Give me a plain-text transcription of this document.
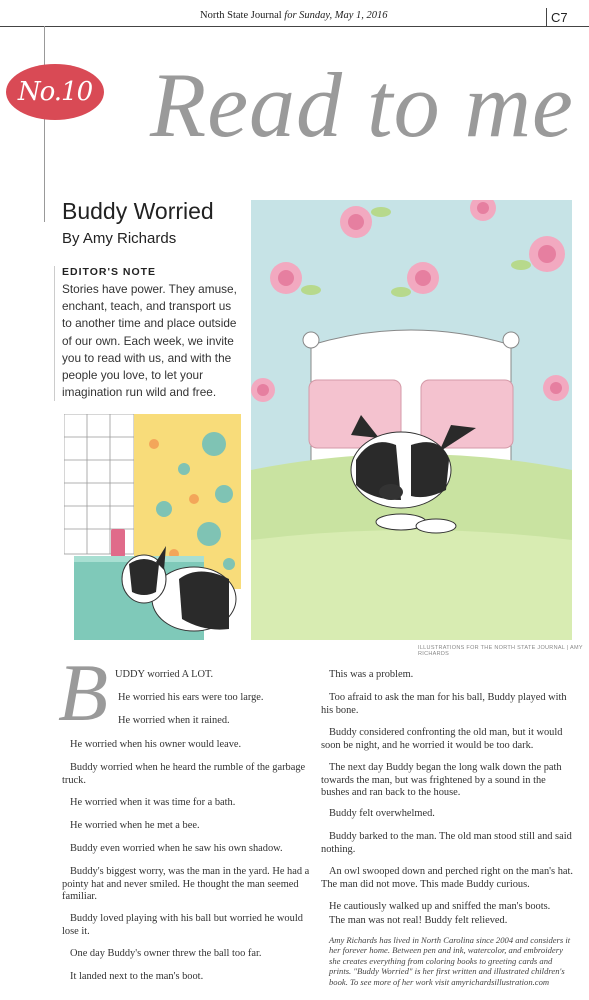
North State Journal for Sunday, May 1, 2016	C7
No.10 Read to me
Buddy Worried
By Amy Richards
EDITOR'S NOTE
Stories have power. They amuse, enchant, teach, and transport us to another time and place outside of our own. Each week, we invite you to read with us, and with the people you love, to let your imagination run wild and free.
ILLUSTRATIONS FOR THE NORTH STATE JOURNAL | AMY RICHARDS
B UDDY worried A LOT.
He worried his ears were too large.
He worried when it rained.
He worried when his owner would leave.
Buddy worried when he heard the rumble of the garbage truck.
He worried when it was time for a bath.
He worried when he met a bee.
Buddy even worried when he saw his own shadow.
Buddy's biggest worry, was the man in the yard. He had a pointy hat and never smiled. He thought the man seemed familiar.
Buddy loved playing with his ball but worried he would lose it.
One day Buddy's owner threw the ball too far.
It landed next to the man's boot.
This was a problem.
Too afraid to ask the man for his ball, Buddy played with his bone.
Buddy considered confronting the old man, but it would soon be night, and he worried it would be too dark.
The next day Buddy began the long walk down the path towards the man, but was frightened by a sound in the bushes and ran back to the house.
Buddy felt overwhelmed.
Buddy barked to the man. The old man stood still and said nothing.
An owl swooped down and perched right on the man's hat. The man did not move. This made Buddy curious.
He cautiously walked up and sniffed the man's boots.
The man was not real! Buddy felt relieved.
Amy Richards has lived in North Carolina since 2004 and considers it her forever home. Between pen and ink, watercolor, and embroidery she creates everything from coloring books to greeting cards and prints. "Buddy Worried" is her first written and illustrated children's book. To see more of her work visit amyrichardsillustration.com
